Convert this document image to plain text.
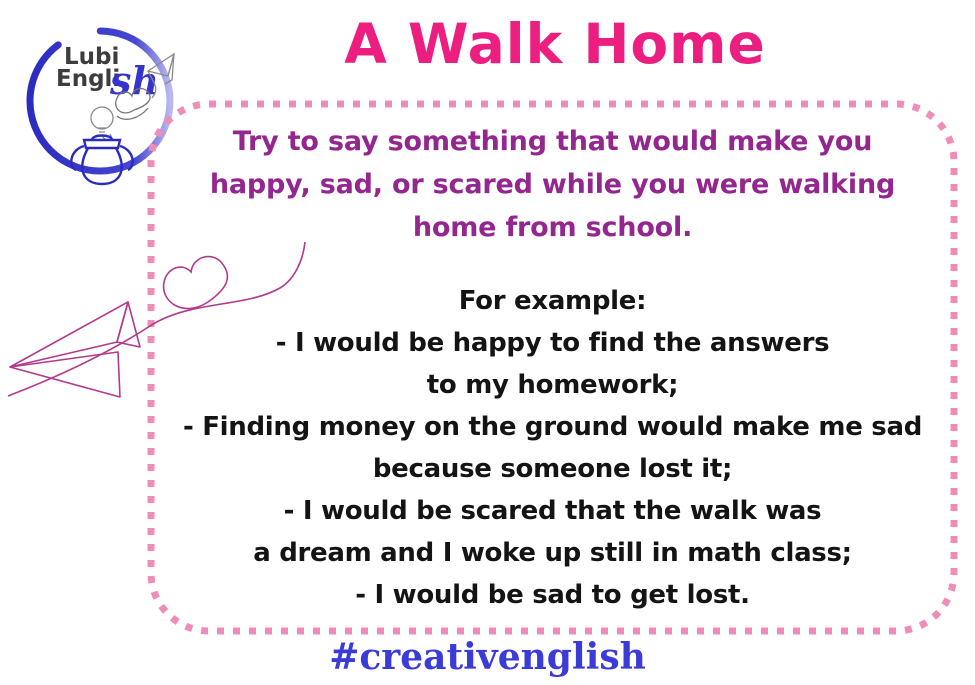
Lubi
Engli
sh
A Walk Home
Try to say something that would make you
happy, sad, or scared while you were walking
home from school.
For example:
- I would be happy to find the answers
to my homework;
- Finding money on the ground would make me sad
because someone lost it;
- I would be scared that the walk was
a dream and I woke up still in math class;
- I would be sad to get lost.
#creativenglish
